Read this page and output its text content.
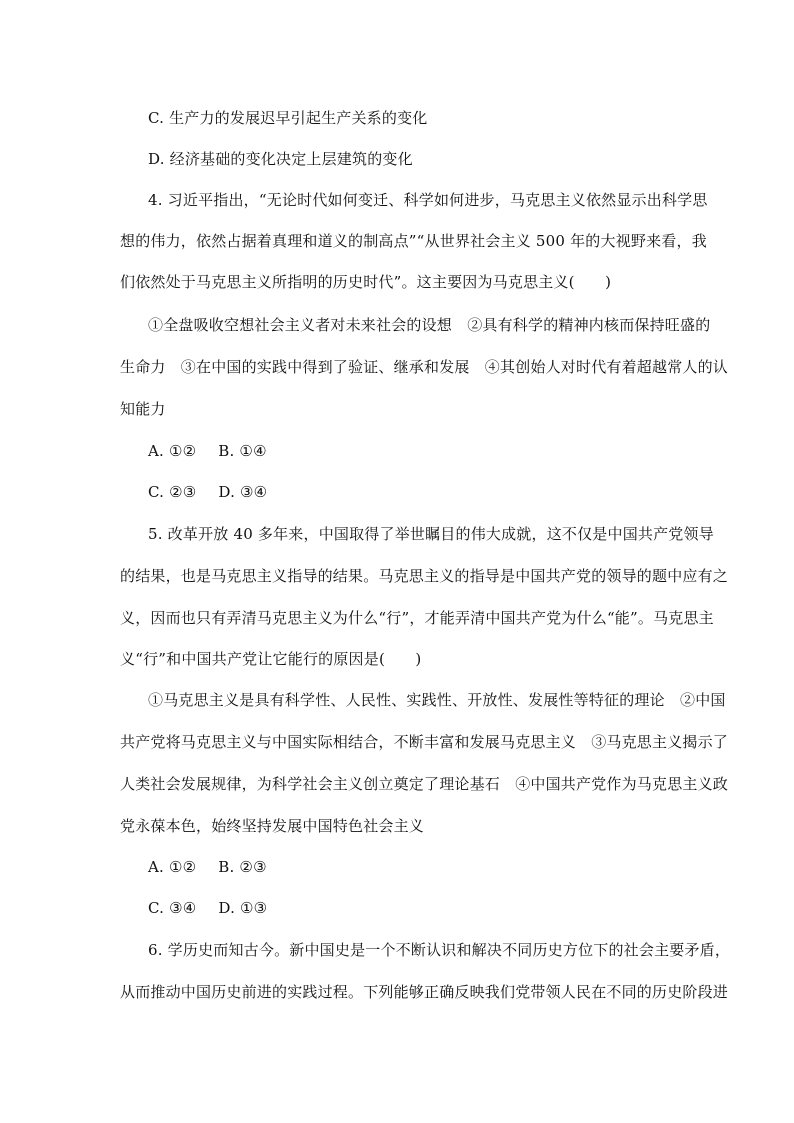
C. 生产力的发展迟早引起生产关系的变化
D. 经济基础的变化决定上层建筑的变化
4. 习近平指出，“无论时代如何变迁、科学如何进步，马克思主义依然显示出科学思
想的伟力，依然占据着真理和道义的制高点”“从世界社会主义 500 年的大视野来看，我
们依然处于马克思主义所指明的历史时代”。这主要因为马克思主义(　　)
①全盘吸收空想社会主义者对未来社会的设想　②具有科学的精神内核而保持旺盛的
生命力　③在中国的实践中得到了验证、继承和发展　④其创始人对时代有着超越常人的认
知能力
A. ①② B. ①④
C. ②③ D. ③④
5. 改革开放 40 多年来，中国取得了举世瞩目的伟大成就，这不仅是中国共产党领导
的结果，也是马克思主义指导的结果。马克思主义的指导是中国共产党的领导的题中应有之
义，因而也只有弄清马克思主义为什么“行”，才能弄清中国共产党为什么“能”。马克思主
义“行”和中国共产党让它能行的原因是(　　)
①马克思主义是具有科学性、人民性、实践性、开放性、发展性等特征的理论　②中国
共产党将马克思主义与中国实际相结合，不断丰富和发展马克思主义　③马克思主义揭示了
人类社会发展规律，为科学社会主义创立奠定了理论基石　④中国共产党作为马克思主义政
党永葆本色，始终坚持发展中国特色社会主义
A. ①② B. ②③
C. ③④ D. ①③
6. 学历史而知古今。新中国史是一个不断认识和解决不同历史方位下的社会主要矛盾，
从而推动中国历史前进的实践过程。下列能够正确反映我们党带领人民在不同的历史阶段进
